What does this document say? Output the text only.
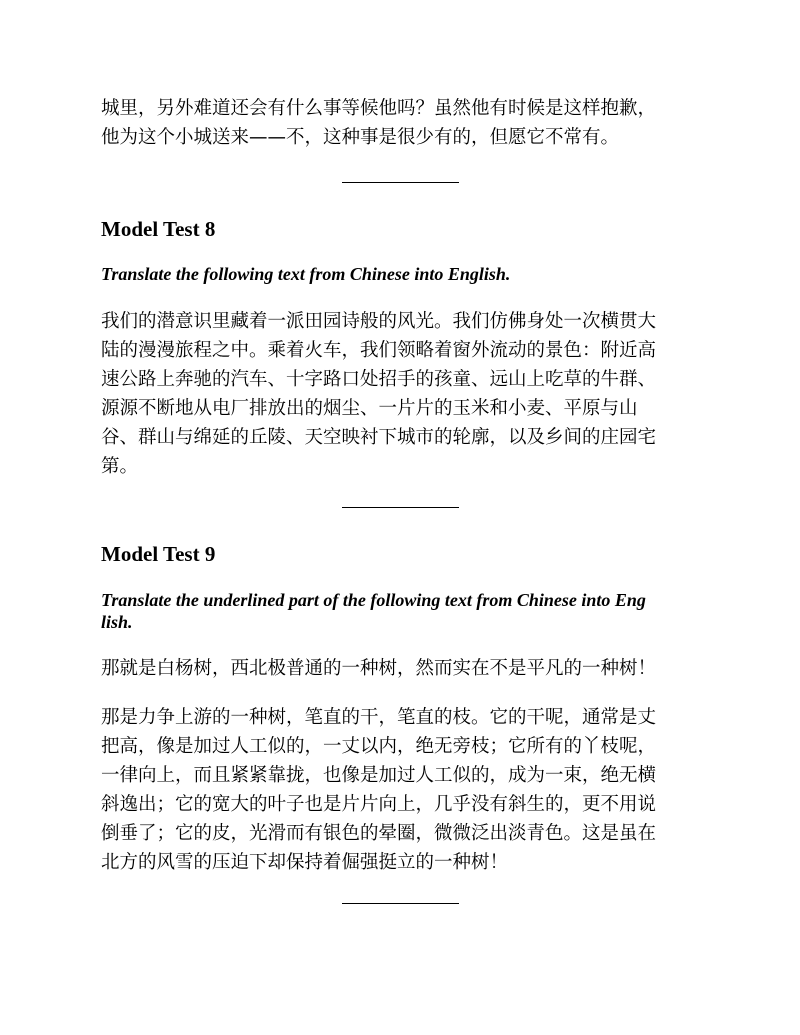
城里，另外难道还会有什么事等候他吗？虽然他有时候是这样抱歉，
他为这个小城送来——不，这种事是很少有的，但愿它不常有。

Model Test 8

Translate the following text from Chinese into English.

我们的潜意识里藏着一派田园诗般的风光。我们仿佛身处一次横贯大
陆的漫漫旅程之中。乘着火车，我们领略着窗外流动的景色：附近高
速公路上奔驰的汽车、十字路口处招手的孩童、远山上吃草的牛群、
源源不断地从电厂排放出的烟尘、一片片的玉米和小麦、平原与山
谷、群山与绵延的丘陵、天空映衬下城市的轮廓，以及乡间的庄园宅
第。

Model Test 9

Translate the underlined part of the following text from Chinese into Eng
lish.

那就是白杨树，西北极普通的一种树，然而实在不是平凡的一种树！

那是力争上游的一种树，笔直的干，笔直的枝。它的干呢，通常是丈
把高，像是加过人工似的，一丈以内，绝无旁枝；它所有的丫枝呢，
一律向上，而且紧紧靠拢，也像是加过人工似的，成为一束，绝无横
斜逸出；它的宽大的叶子也是片片向上，几乎没有斜生的，更不用说
倒垂了；它的皮，光滑而有银色的晕圈，微微泛出淡青色。这是虽在
北方的风雪的压迫下却保持着倔强挺立的一种树！
